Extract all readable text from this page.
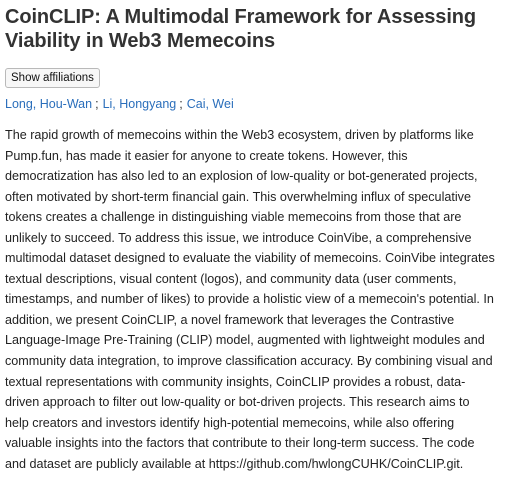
CoinCLIP: A Multimodal Framework for Assessing
Viability in Web3 Memecoins
Show affiliations
Long, Hou-Wan ; Li, Hongyang ; Cai, Wei
The rapid growth of memecoins within the Web3 ecosystem, driven by platforms like
Pump.fun, has made it easier for anyone to create tokens. However, this
democratization has also led to an explosion of low-quality or bot-generated projects,
often motivated by short-term financial gain. This overwhelming influx of speculative
tokens creates a challenge in distinguishing viable memecoins from those that are
unlikely to succeed. To address this issue, we introduce CoinVibe, a comprehensive
multimodal dataset designed to evaluate the viability of memecoins. CoinVibe integrates
textual descriptions, visual content (logos), and community data (user comments,
timestamps, and number of likes) to provide a holistic view of a memecoin's potential. In
addition, we present CoinCLIP, a novel framework that leverages the Contrastive
Language-Image Pre-Training (CLIP) model, augmented with lightweight modules and
community data integration, to improve classification accuracy. By combining visual and
textual representations with community insights, CoinCLIP provides a robust, data-
driven approach to filter out low-quality or bot-driven projects. This research aims to
help creators and investors identify high-potential memecoins, while also offering
valuable insights into the factors that contribute to their long-term success. The code
and dataset are publicly available at https://github.com/hwlongCUHK/CoinCLIP.git.
